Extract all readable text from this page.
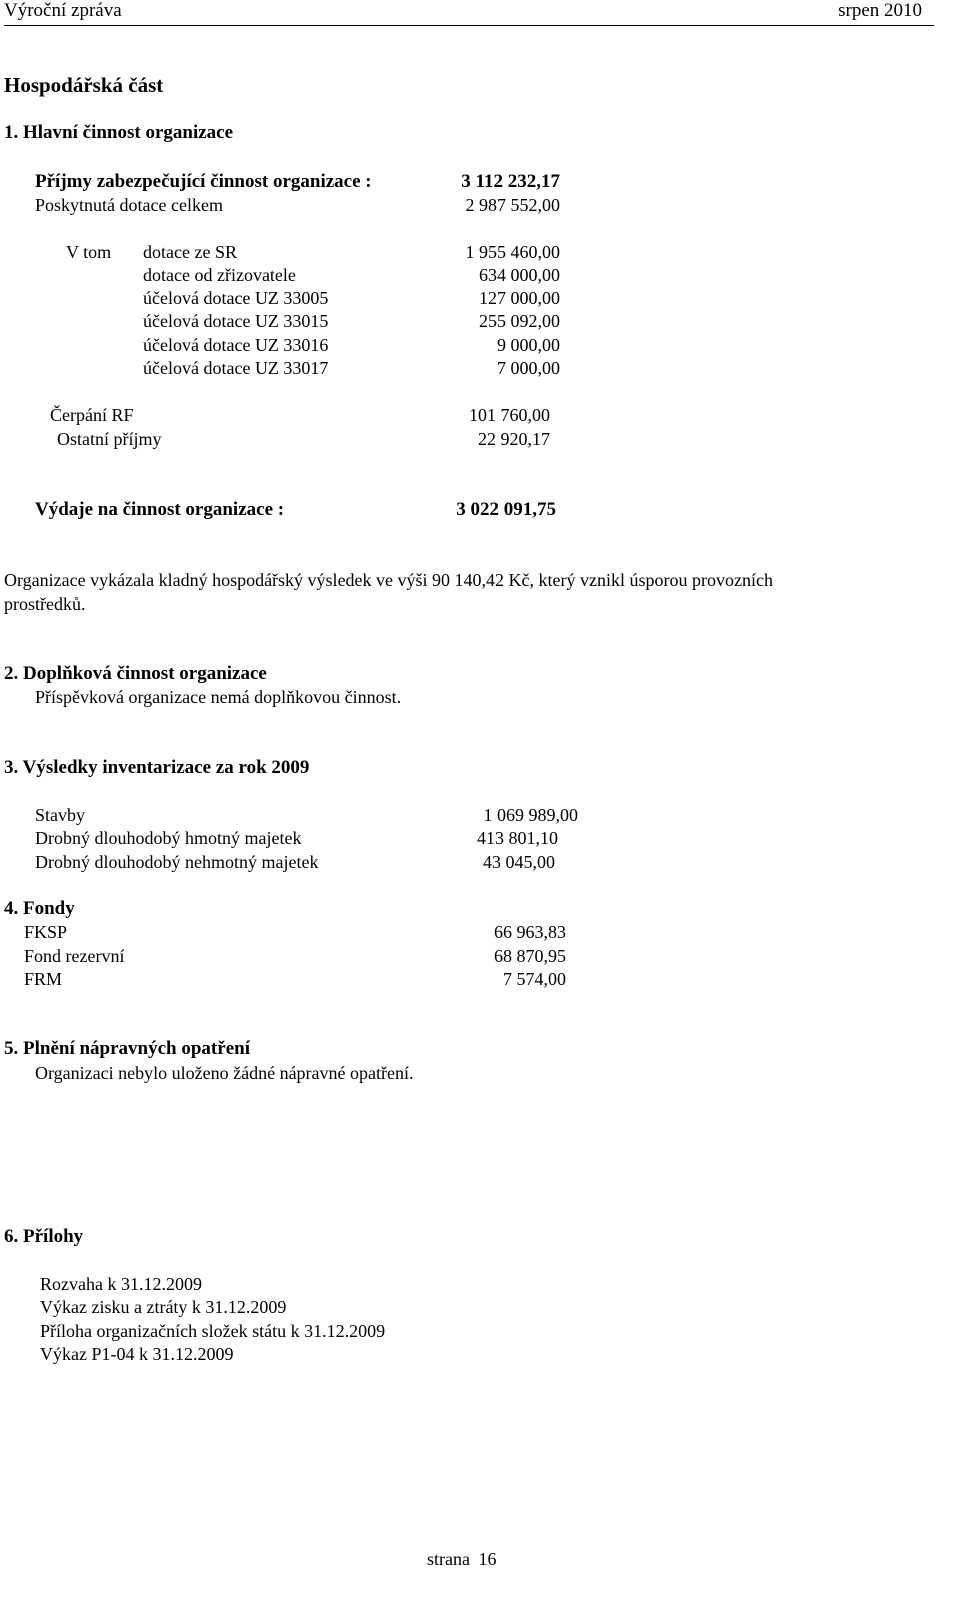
Výroční zpráva	srpen 2010
Hospodářská část
1. Hlavní činnost organizace
Příjmy zabezpečující činnost organizace :	3 112 232,17
Poskytnutá dotace celkem	2 987 552,00
V tom dotace ze SR	1 955 460,00
dotace od zřizovatele	634 000,00
účelová dotace UZ 33005	127 000,00
účelová dotace UZ 33015	255 092,00
účelová dotace UZ 33016	9 000,00
účelová dotace UZ 33017	7 000,00
Čerpání RF	101 760,00
Ostatní příjmy	22 920,17
Výdaje na činnost organizace :	3 022 091,75
Organizace vykázala kladný hospodářský výsledek ve výši 90 140,42 Kč, který vznikl úsporou provozních
prostředků.
2. Doplňková činnost organizace
Příspěvková organizace nemá doplňkovou činnost.
3. Výsledky inventarizace za rok 2009
Stavby	1 069 989,00
Drobný dlouhodobý hmotný majetek	413 801,10
Drobný dlouhodobý nehmotný majetek	43 045,00
4. Fondy
FKSP	66 963,83
Fond rezervní	68 870,95
FRM	7 574,00
5. Plnění nápravných opatření
Organizaci nebylo uloženo žádné nápravné opatření.
6. Přílohy
Rozvaha k 31.12.2009
Výkaz zisku a ztráty k 31.12.2009
Příloha organizačních složek státu k 31.12.2009
Výkaz P1-04 k 31.12.2009
strana 16
